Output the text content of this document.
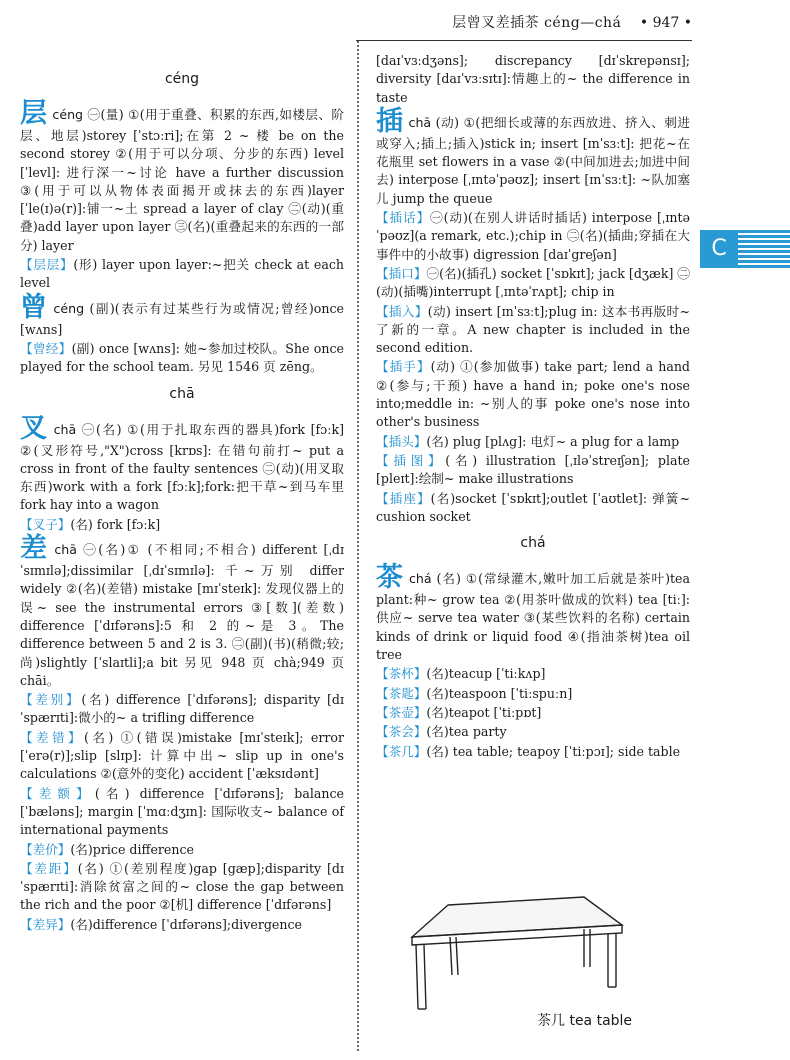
层曾叉差插茶 céng—chá • 947 •
céng
层céng ㊀(量) ①(用于重叠、积累的东西,如楼层、阶层、地层)storey [ˈstɔːri];在第 2 ~ 楼 be on the second storey ②(用于可以分项、分步的东西) level [ˈlevl]: 进行深一~讨论 have a further discussion ③(用于可以从物体表面揭开或抹去的东西)layer [ˈle(ɪ)ə(r)]:铺一~土 spread a layer of clay ㊁(动)(重叠)add layer upon layer ㊂(名)(重叠起来的东西的一部分) layer
【层层】(形) layer upon layer:~把关 check at each level
曾céng (副)(表示有过某些行为或情况;曾经)once [wʌns]
【曾经】(副) once [wʌns]: 她~参加过校队。She once played for the school team. 另见 1546 页 zēng。
chā
叉chā ㊀(名) ①(用于扎取东西的器具)fork [fɔːk] ②(叉形符号,"X")cross [krɒs]: 在错句前打~ put a cross in front of the faulty sentences ㊁(动)(用叉取东西)work with a fork [fɔːk];fork:把干草~到马车里 fork hay into a wagon
【叉子】(名) fork [fɔːk]
差chā ㊀(名)① (不相同;不相合) different [ˌdɪˈsɪmɪlə];dissimilar [ˌdɪˈsɪmɪlə]: 千~万别 differ widely ②(名)(差错) mistake [mɪˈsteɪk]: 发现仪器上的误~ see the instrumental errors ③[数](差数) difference [ˈdɪfərəns]:5 和 2 的~是 3。The difference between 5 and 2 is 3. ㊁(副)(书)(稍微;较;尚)slightly [ˈslaɪtli];a bit 另见 948 页 chà;949 页 chāi。
【差别】(名) difference [ˈdɪfərəns]; disparity [dɪˈspærɪti]:微小的~ a trifling difference
【差错】(名) ①(错误)mistake [mɪˈsteɪk]; error [ˈerə(r)];slip [slɪp]: 计算中出~ slip up in one's calculations ②(意外的变化) accident [ˈæksɪdənt]
【差额】(名) difference [ˈdɪfərəns]; balance [ˈbæləns]; margin [ˈmɑːdʒɪn]: 国际收支~ balance of international payments
【差价】(名)price difference
【差距】(名) ①(差别程度)gap [gæp];disparity [dɪˈspærɪti]:消除贫富之间的~ close the gap between the rich and the poor ②[机] difference [ˈdɪfərəns]
【差异】(名)difference [ˈdɪfərəns];divergence
[daɪˈvɜːdʒəns]; discrepancy [dɪˈskrepənsɪ]; diversity [daɪˈvɜːsɪtɪ]:情趣上的~ the difference in taste
插chā (动) ①(把细长或薄的东西放进、挤入、刺进或穿入;插上;插入)stick in; insert [ɪnˈsɜːt]: 把花~在花瓶里 set flowers in a vase ②(中间加进去;加进中间去) interpose [ˌɪntəˈpəʊz]; insert [ɪnˈsɜːt]: ~队加塞儿 jump the queue
【插话】㊀(动)(在别人讲话时插话) interpose [ˌɪntəˈpəʊz](a remark, etc.);chip in ㊁(名)(插曲;穿插在大事件中的小故事) digression [daɪˈgreʃən]
【插口】㊀(名)(插孔) socket [ˈsɒkɪt]; jack [dʒæk] ㊁(动)(插嘴)interrupt [ˌɪntəˈrʌpt]; chip in
【插入】(动) insert [ɪnˈsɜːt];plug in: 这本书再版时~了新的一章。A new chapter is included in the second edition.
【插手】(动) ①(参加做事) take part; lend a hand ②(参与;干预) have a hand in; poke one's nose into;meddle in: ~别人的事 poke one's nose into other's business
【插头】(名) plug [plʌg]: 电灯~ a plug for a lamp
【插图】(名) illustration [ˌɪləˈstreɪʃən]; plate [pleɪt]:绘制~ make illustrations
【插座】(名)socket [ˈsɒkɪt];outlet [ˈaʊtlet]: 弹簧~ cushion socket
chá
茶chá (名) ①(常绿灌木,嫩叶加工后就是茶叶)tea plant:种~ grow tea ②(用茶叶做成的饮料) tea [tiː]: 供应~ serve tea water ③(某些饮料的名称) certain kinds of drink or liquid food ④(指油茶树)tea oil tree
【茶杯】(名)teacup [ˈtiːkʌp]
【茶匙】(名)teaspoon [ˈtiːspuːn]
【茶壶】(名)teapot [ˈtiːpɒt]
【茶会】(名)tea party
【茶几】(名) tea table; teapoy [ˈtiːpɔɪ]; side table
C
茶几 tea table
